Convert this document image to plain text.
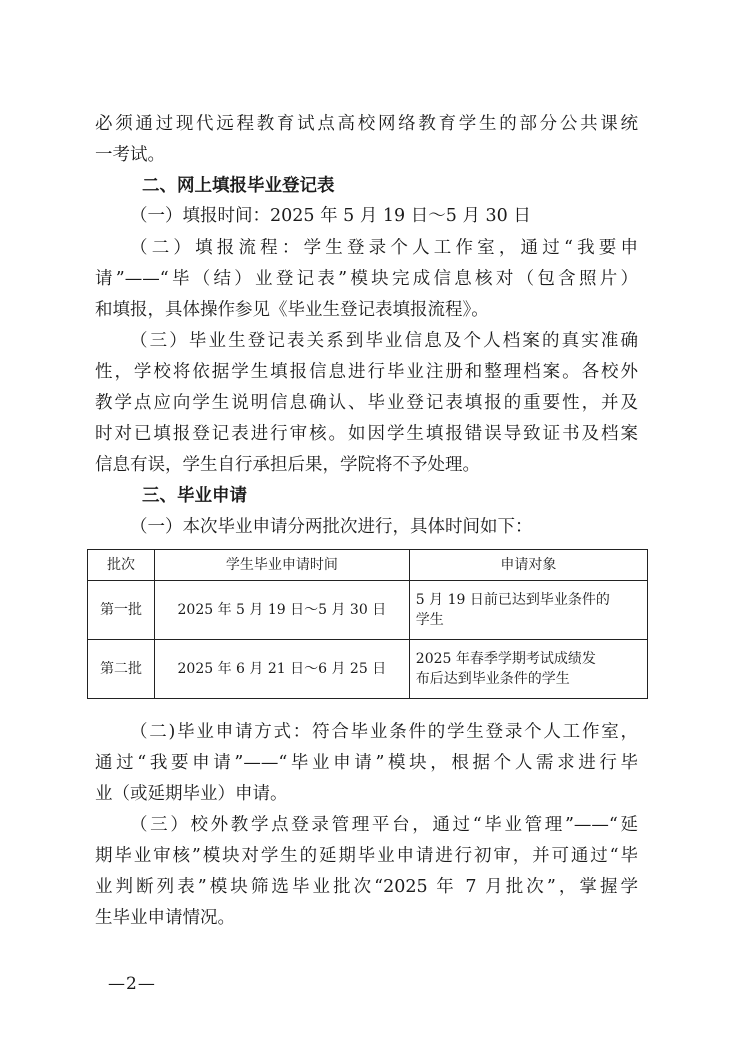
必须通过现代远程教育试点高校网络教育学生的部分公共课统
一考试。
二、网上填报毕业登记表
（一）填报时间：2025 年 5 月 19 日～5 月 30 日
（二）填报流程：学生登录个人工作室，通过“我要申
请”——“毕（结）业登记表”模块完成信息核对（包含照片）
和填报，具体操作参见《毕业生登记表填报流程》。
（三）毕业生登记表关系到毕业信息及个人档案的真实准确
性，学校将依据学生填报信息进行毕业注册和整理档案。各校外
教学点应向学生说明信息确认、毕业登记表填报的重要性，并及
时对已填报登记表进行审核。如因学生填报错误导致证书及档案
信息有误，学生自行承担后果，学院将不予处理。
三、毕业申请
（一）本次毕业申请分两批次进行，具体时间如下：
批次	学生毕业申请时间	申请对象
第一批	2025 年 5 月 19 日～5 月 30 日	5 月 19 日前已达到毕业条件的
学生

第二批	2025 年 6 月 21 日～6 月 25 日	2025 年春季学期考试成绩发
布后达到毕业条件的学生
（二)毕业申请方式：符合毕业条件的学生登录个人工作室，
通过“我要申请”——“毕业申请”模块，根据个人需求进行毕
业（或延期毕业）申请。
（三）校外教学点登录管理平台，通过“毕业管理”——“延
期毕业审核”模块对学生的延期毕业申请进行初审，并可通过“毕
业判断列表”模块筛选毕业批次“2025 年 7 月批次”，掌握学
生毕业申请情况。
—2—
